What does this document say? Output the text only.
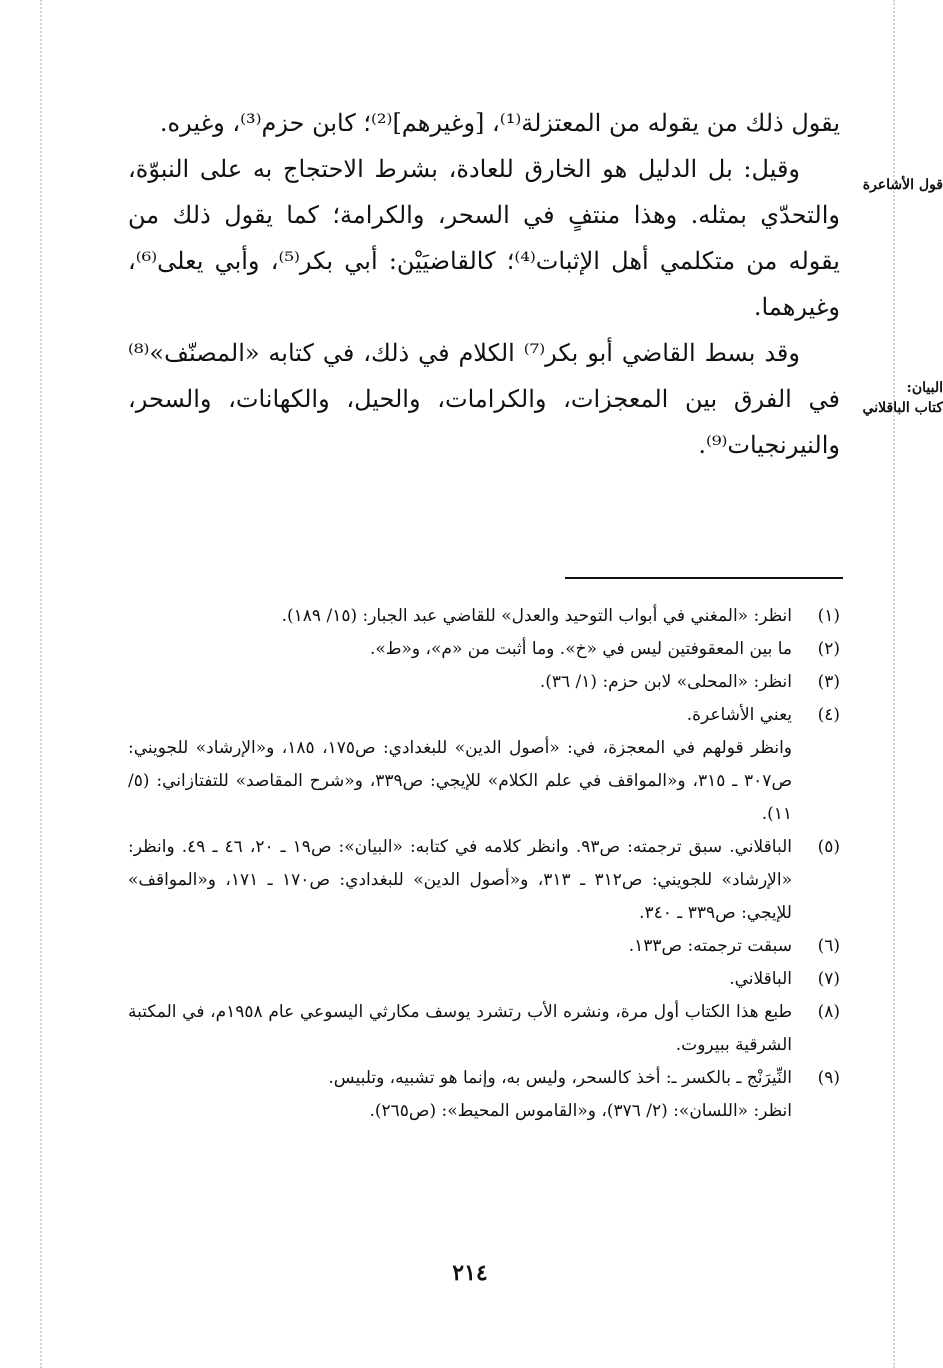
يقول ذلك من يقوله من المعتزلة⁽¹⁾، [وغيرهم]⁽²⁾؛ كابن حزم⁽³⁾، وغيره.

وقيل: بل الدليل هو الخارق للعادة، بشرط الاحتجاج به على النبوّة، والتحدّي بمثله. وهذا منتفٍ في السحر، والكرامة؛ كما يقول ذلك من يقوله من متكلمي أهل الإثبات⁽⁴⁾؛ كالقاضيَيْن: أبي بكر⁽⁵⁾، وأبي يعلى⁽⁶⁾، وغيرهما.

وقد بسط القاضي أبو بكر⁽⁷⁾ الكلام في ذلك، في كتابه «المصنّف»⁽⁸⁾ في الفرق بين المعجزات، والكرامات، والحيل، والكهانات، والسحر، والنيرنجيات⁽⁹⁾.

قول الأشاعرة
البيان:
كتاب الباقلاني
(١)

انظر: «المغني في أبواب التوحيد والعدل» للقاضي عبد الجبار: (١٥/ ١٨٩).

(٢)

ما بين المعقوفتين ليس في «خ». وما أثبت من «م»، و«ط».

(٣)

انظر: «المحلى» لابن حزم: (١/ ٣٦).

(٤)

يعني الأشاعرة.

وانظر قولهم في المعجزة، في: «أصول الدين» للبغدادي: ص١٧٥، ١٨٥، و«الإرشاد» للجويني: ص٣٠٧ ـ ٣١٥، و«المواقف في علم الكلام» للإيجي: ص٣٣٩، و«شرح المقاصد» للتفتازاني: (٥/ ١١).

(٥)

الباقلاني. سبق ترجمته: ص٩٣. وانظر كلامه في كتابه: «البيان»: ص١٩ ـ ٢٠، ٤٦ ـ ٤٩. وانظر: «الإرشاد» للجويني: ص٣١٢ ـ ٣١٣، و«أصول الدين» للبغدادي: ص١٧٠ ـ ١٧١، و«المواقف» للإيجي: ص٣٣٩ ـ ٣٤٠.

(٦)

سبقت ترجمته: ص١٣٣.

(٧)

الباقلاني.

(٨)

طبع هذا الكتاب أول مرة، ونشره الأب رتشرد يوسف مكارثي اليسوعي عام ١٩٥٨م، في المكتبة الشرقية ببيروت.

(٩)

النِّيرَنْج ـ بالكسر ـ: أخذ كالسحر، وليس به، وإنما هو تشبيه، وتلبيس.

انظر: «اللسان»: (٢/ ٣٧٦)، و«القاموس المحيط»: (ص٢٦٥).

٢١٤
